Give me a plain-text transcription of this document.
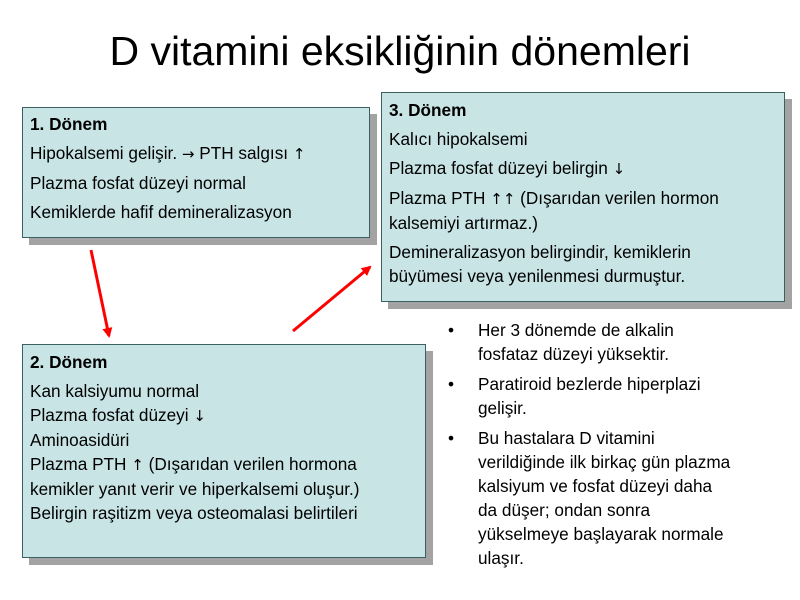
D vitamini eksikliğinin dönemleri
1. Dönem
Hipokalsemi gelişir. → PTH salgısı ↑
Plazma fosfat düzeyi normal
Kemiklerde hafif demineralizasyon
3. Dönem
Kalıcı hipokalsemi
Plazma fosfat düzeyi belirgin ↓
Plazma PTH ↑↑ (Dışarıdan verilen hormon
kalsemiyi artırmaz.)
Demineralizasyon belirgindir, kemiklerin
büyümesi veya yenilenmesi durmuştur.
2. Dönem
Kan kalsiyumu normal
Plazma fosfat düzeyi ↓
Aminoasidüri
Plazma PTH ↑ (Dışarıdan verilen hormona
kemikler yanıt verir ve hiperkalsemi oluşur.)
Belirgin raşitizm veya osteomalasi belirtileri
• Her 3 dönemde de alkalin
fosfataz düzeyi yüksektir.
• Paratiroid bezlerde hiperplazi
gelişir.
• Bu hastalara D vitamini
verildiğinde ilk birkaç gün plazma
kalsiyum ve fosfat düzeyi daha
da düşer; ondan sonra
yükselmeye başlayarak normale
ulaşır.
